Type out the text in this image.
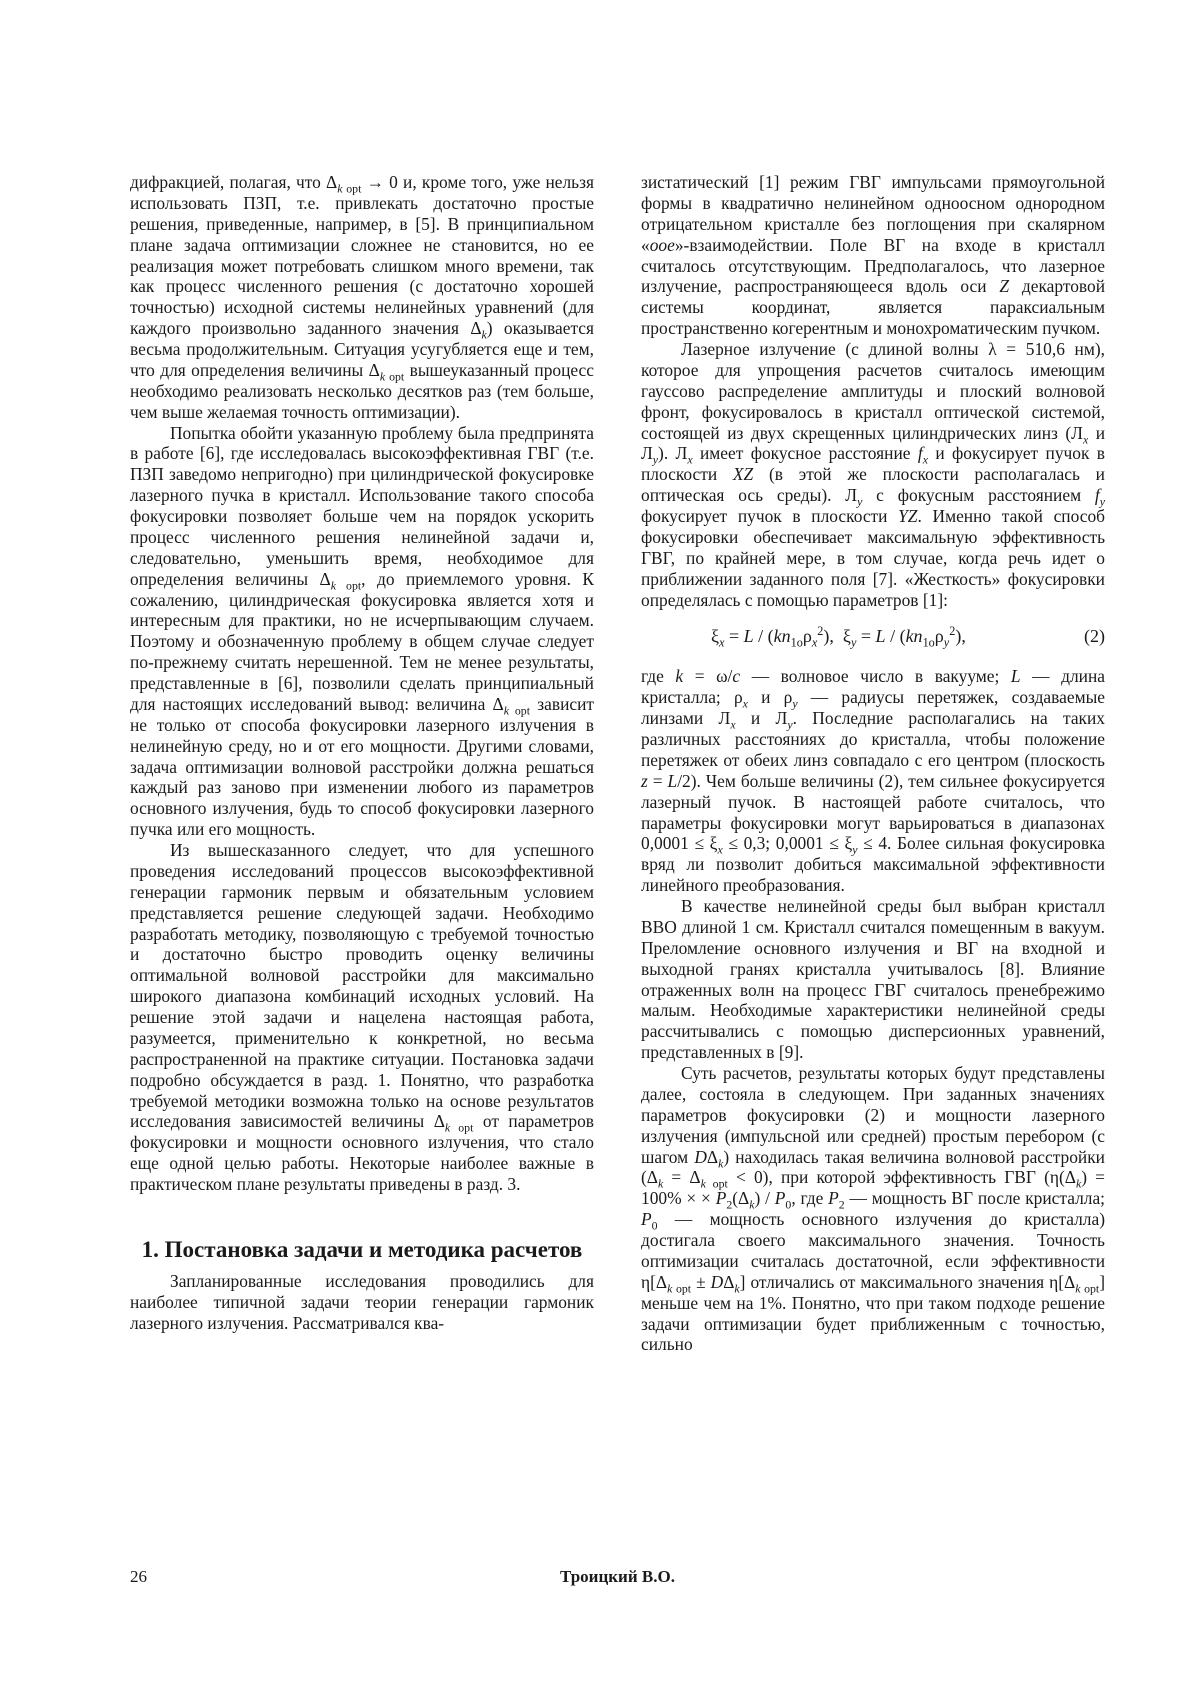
дифракцией, полагая, что $\Delta_{k opt} \to 0$ и, кроме того, уже нельзя использовать ПЗП, т.е. привлекать достаточно простые решения, приведенные, например, в [5]. В принципиальном плане задача оптимизации сложнее не становится, но ее реализация может потребовать слишком много времени, так как процесс численного решения (с достаточно хорошей точностью) исходной системы нелинейных уравнений (для каждого произвольно заданного значения $\Delta_k$) оказывается весьма продолжительным. Ситуация усугубляется еще и тем, что для определения величины $\Delta_{k opt}$ вышеуказанный процесс необходимо реализовать несколько десятков раз (тем больше, чем выше желаемая точность оптимизации).

Попытка обойти указанную проблему была предпринята в работе [6], где исследовалась высокоэффективная ГВГ (т.е. ПЗП заведомо непригодно) при цилиндрической фокусировке лазерного пучка в кристалл. Использование такого способа фокусировки позволяет больше чем на порядок ускорить процесс численного решения нелинейной задачи и, следовательно, уменьшить время, необходимое для определения величины $\Delta_{k opt}$, до приемлемого уровня. К сожалению, цилиндрическая фокусировка является хотя и интересным для практики, но не исчерпывающим случаем. Поэтому и обозначенную проблему в общем случае следует по-прежнему считать нерешенной. Тем не менее результаты, представленные в [6], позволили сделать принципиальный для настоящих исследований вывод: величина $\Delta_{k opt}$ зависит не только от способа фокусировки лазерного излучения в нелинейную среду, но и от его мощности. Другими словами, задача оптимизации волновой расстройки должна решаться каждый раз заново при изменении любого из параметров основного излучения, будь то способ фокусировки лазерного пучка или его мощность.

Из вышесказанного следует, что для успешного проведения исследований процессов высокоэффективной генерации гармоник первым и обязательным условием представляется решение следующей задачи. Необходимо разработать методику, позволяющую с требуемой точностью и достаточно быстро проводить оценку величины оптимальной волновой расстройки для максимально широкого диапазона комбинаций исходных условий. На решение этой задачи и нацелена настоящая работа, разумеется, применительно к конкретной, но весьма распространенной на практике ситуации. Постановка задачи подробно обсуждается в разд. 1. Понятно, что разработка требуемой методики возможна только на основе результатов исследования зависимостей величины $\Delta_{k opt}$ от параметров фокусировки и мощности основного излучения, что стало еще одной целью работы. Некоторые наиболее важные в практическом плане результаты приведены в разд. 3.

1. Постановка задачи и методика расчетов

Запланированные исследования проводились для наиболее типичной задачи теории генерации гармоник лазерного излучения. Рассматривался ква-

зистатический [1] режим ГВГ импульсами прямоугольной формы в квадратично нелинейном одноосном однородном отрицательном кристалле без поглощения при скалярном «ooe»-взаимодействии. Поле ВГ на входе в кристалл считалось отсутствующим. Предполагалось, что лазерное излучение, распространяющееся вдоль оси Z декартовой системы координат, является параксиальным пространственно когерентным и монохроматическим пучком.

Лазерное излучение (с длиной волны λ = 510,6 нм), которое для упрощения расчетов считалось имеющим гауссово распределение амплитуды и плоский волновой фронт, фокусировалось в кристалл оптической системой, состоящей из двух скрещенных цилиндрических линз ($Л_x$ и $Л_y$). $Л_x$ имеет фокусное расстояние $f_x$ и фокусирует пучок в плоскости XZ (в этой же плоскости располагалась и оптическая ось среды). $Л_y$ с фокусным расстоянием $f_y$ фокусирует пучок в плоскости YZ. Именно такой способ фокусировки обеспечивает максимальную эффективность ГВГ, по крайней мере, в том случае, когда речь идет о приближении заданного поля [7]. «Жесткость» фокусировки определялась с помощью параметров [1]:

$\xi_x = L / (kn_{1o}\rho_x^2)$,  $\xi_y = L / (kn_{1o}\rho_y^2)$,	(2)

где k = ω/c — волновое число в вакууме; L — длина кристалла; $\rho_x$ и $\rho_y$ — радиусы перетяжек, создаваемые линзами $Л_x$ и $Л_y$. Последние располагались на таких различных расстояниях до кристалла, чтобы положение перетяжек от обеих линз совпадало с его центром (плоскость z = L/2). Чем больше величины (2), тем сильнее фокусируется лазерный пучок. В настоящей работе считалось, что параметры фокусировки могут варьироваться в диапазонах $0,0001 \le \xi_x \le 0,3$; $0,0001 \le \xi_y \le 4$. Более сильная фокусировка вряд ли позволит добиться максимальной эффективности линейного преобразования.

В качестве нелинейной среды был выбран кристалл BBO длиной 1 см. Кристалл считался помещенным в вакуум. Преломление основного излучения и ВГ на входной и выходной гранях кристалла учитывалось [8]. Влияние отраженных волн на процесс ГВГ считалось пренебрежимо малым. Необходимые характеристики нелинейной среды рассчитывались с помощью дисперсионных уравнений, представленных в [9].

Суть расчетов, результаты которых будут представлены далее, состояла в следующем. При заданных значениях параметров фокусировки (2) и мощности лазерного излучения (импульсной или средней) простым перебором (с шагом $D\Delta_k$) находилась такая величина волновой расстройки $(\Delta_k = \Delta_{k opt} < 0)$, при которой эффективность ГВГ ($\eta(\Delta_k) = 100\%$ × × $P_2(\Delta_k) / P_0$, где $P_2$ — мощность ВГ после кристалла; $P_0$ — мощность основного излучения до кристалла) достигала своего максимального значения. Точность оптимизации считалась достаточной, если эффективности $\eta[\Delta_{k opt} \pm D\Delta_k]$ отличались от максимального значения $\eta[\Delta_{k opt}]$ меньше чем на 1%. Понятно, что при таком подходе решение задачи оптимизации будет приближенным с точностью, сильно

26	Троицкий В.О.
